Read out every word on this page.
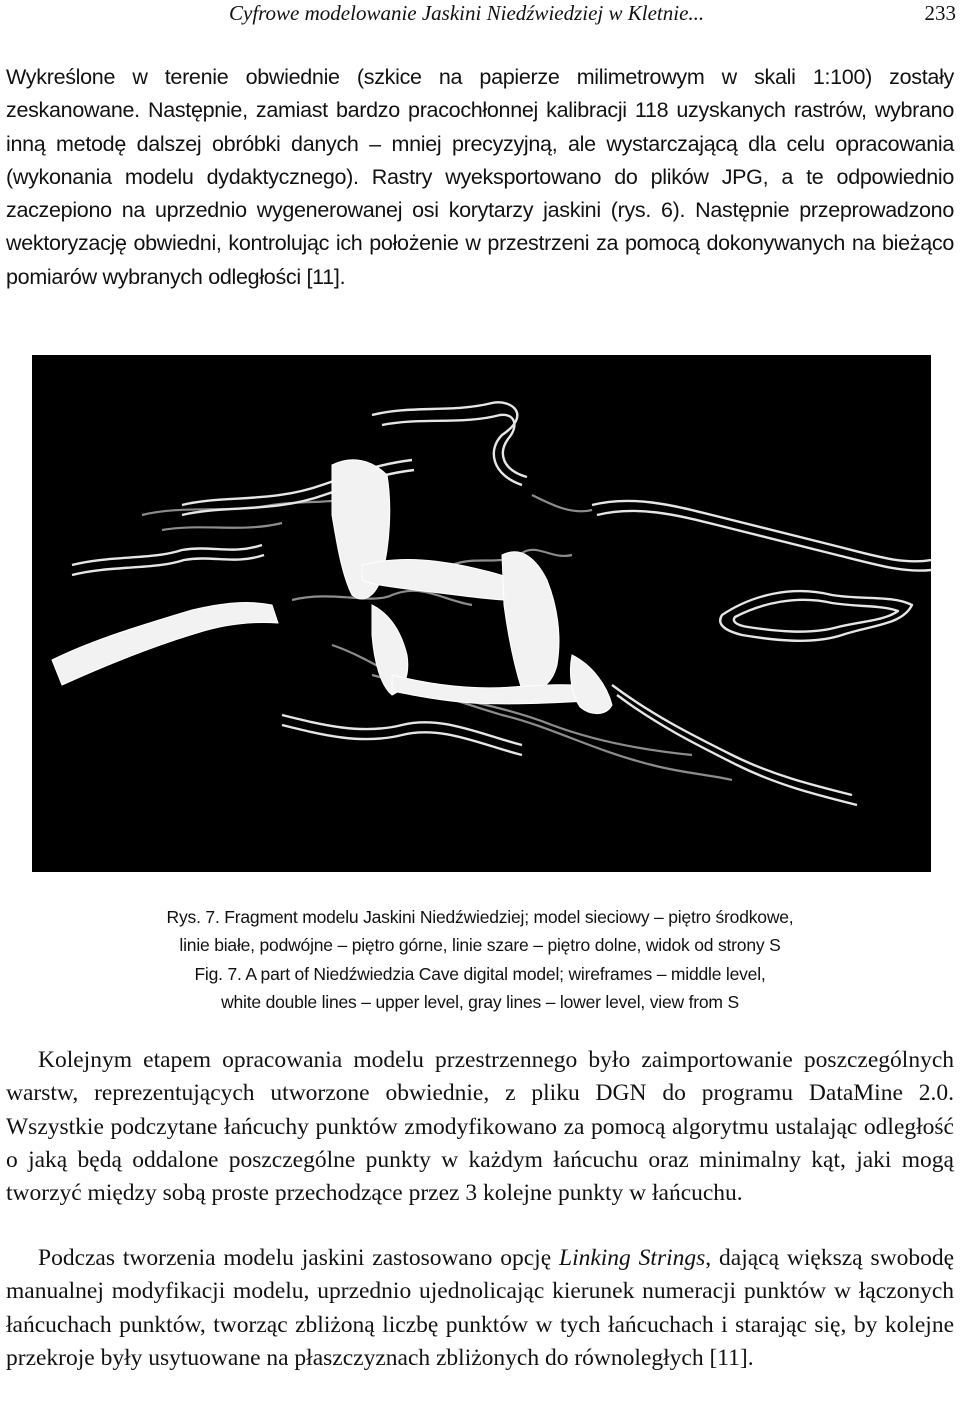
Cyfrowe modelowanie Jaskini Niedźwiedziej w Kletnie...	233

Wykreślone w terenie obwiednie (szkice na papierze milimetrowym w skali 1:100) zostały zeskanowane. Następnie, zamiast bardzo pracochłonnej kalibracji 118 uzyskanych rastrów, wybrano inną metodę dalszej obróbki danych – mniej precyzyjną, ale wystarczającą dla celu opracowania (wykonania modelu dydaktycznego). Rastry wyeksportowano do plików JPG, a te odpowiednio zaczepiono na uprzednio wygenerowanej osi korytarzy jaskini (rys. 6). Następnie przeprowadzono wektoryzację obwiedni, kontrolując ich położenie w przestrzeni za pomocą dokonywanych na bieżąco pomiarów wybranych odległości [11].

Rys. 7. Fragment modelu Jaskini Niedźwiedziej; model sieciowy – piętro środkowe,
linie białe, podwójne – piętro górne, linie szare – piętro dolne, widok od strony S
Fig. 7. A part of Niedźwiedzia Cave digital model; wireframes – middle level,
white double lines – upper level, gray lines – lower level, view from S

Kolejnym etapem opracowania modelu przestrzennego było zaimportowanie poszczególnych warstw, reprezentujących utworzone obwiednie, z pliku DGN do programu DataMine 2.0. Wszystkie podczytane łańcuchy punktów zmodyfikowano za pomocą algorytmu ustalając odległość o jaką będą oddalone poszczególne punkty w każdym łańcuchu oraz minimalny kąt, jaki mogą tworzyć między sobą proste przechodzące przez 3 kolejne punkty w łańcuchu.

Podczas tworzenia modelu jaskini zastosowano opcję Linking Strings, dającą większą swobodę manualnej modyfikacji modelu, uprzednio ujednolicając kierunek numeracji punktów w łączonych łańcuchach punktów, tworząc zbliżoną liczbę punktów w tych łańcuchach i starając się, by kolejne przekroje były usytuowane na płaszczyznach zbliżonych do równoległych [11].
